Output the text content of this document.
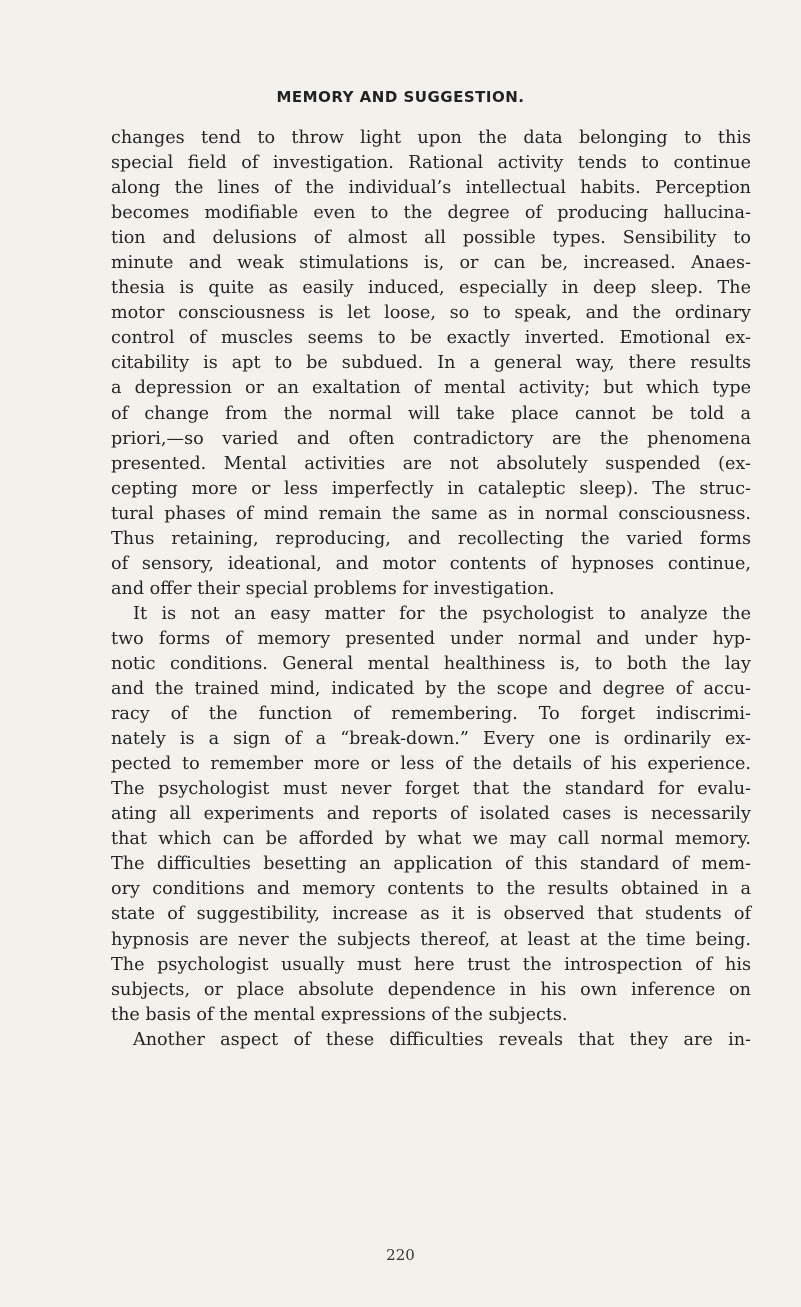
MEMORY AND SUGGESTION.
changes tend to throw light upon the data belonging to this
special field of investigation. Rational activity tends to continue
along the lines of the individual’s intellectual habits. Perception
becomes modifiable even to the degree of producing hallucina-
tion and delusions of almost all possible types. Sensibility to
minute and weak stimulations is, or can be, increased. Anaes-
thesia is quite as easily induced, especially in deep sleep. The
motor consciousness is let loose, so to speak, and the ordinary
control of muscles seems to be exactly inverted. Emotional ex-
citability is apt to be subdued. In a general way, there results
a depression or an exaltation of mental activity; but which type
of change from the normal will take place cannot be told a
priori,—so varied and often contradictory are the phenomena
presented. Mental activities are not absolutely suspended (ex-
cepting more or less imperfectly in cataleptic sleep). The struc-
tural phases of mind remain the same as in normal consciousness.
Thus retaining, reproducing, and recollecting the varied forms
of sensory, ideational, and motor contents of hypnoses continue,
and offer their special problems for investigation.
It is not an easy matter for the psychologist to analyze the
two forms of memory presented under normal and under hyp-
notic conditions. General mental healthiness is, to both the lay
and the trained mind, indicated by the scope and degree of accu-
racy of the function of remembering. To forget indiscrimi-
nately is a sign of a “break-down.” Every one is ordinarily ex-
pected to remember more or less of the details of his experience.
The psychologist must never forget that the standard for evalu-
ating all experiments and reports of isolated cases is necessarily
that which can be afforded by what we may call normal memory.
The difficulties besetting an application of this standard of mem-
ory conditions and memory contents to the results obtained in a
state of suggestibility, increase as it is observed that students of
hypnosis are never the subjects thereof, at least at the time being.
The psychologist usually must here trust the introspection of his
subjects, or place absolute dependence in his own inference on
the basis of the mental expressions of the subjects.
Another aspect of these difficulties reveals that they are in-
220
